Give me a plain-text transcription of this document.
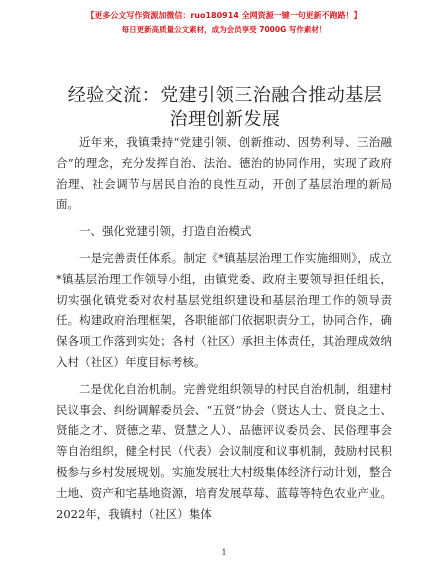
【更多公文写作资源加微信：ruo180914 全网资源一键一句更新不跑路！】
每日更新高质量公文素材，成为会员享受 7000G 写作素材！
经验交流：党建引领三治融合推动基层治理创新发展

近年来，我镇秉持“党建引领、创新推动、因势利导、三治融合”的理念，充分发挥自治、法治、德治的协同作用，实现了政府治理、社会调节与居民自治的良性互动，开创了基层治理的新局面。

一、强化党建引领，打造自治模式

一是完善责任体系。制定《*镇基层治理工作实施细则》，成立*镇基层治理工作领导小组，由镇党委、政府主要领导担任组长，切实强化镇党委对农村基层党组织建设和基层治理工作的领导责任。构建政府治理框架，各职能部门依据职责分工，协同合作，确保各项工作落到实处；各村（社区）承担主体责任，其治理成效纳入村（社区）年度目标考核。

二是优化自治机制。完善党组织领导的村民自治机制，组建村民议事会、纠纷调解委员会、“五贤”协会（贤达人士、贤良之士、贤能之才、贤德之辈、贤慧之人）、品德评议委员会、民俗理事会等自治组织，健全村民（代表）会议制度和议事机制，鼓励村民积极参与乡村发展规划。实施发展壮大村级集体经济行动计划，整合土地、资产和宅基地资源，培育发展草莓、蓝莓等特色农业产业。2022年，我镇村（社区）集体

1
